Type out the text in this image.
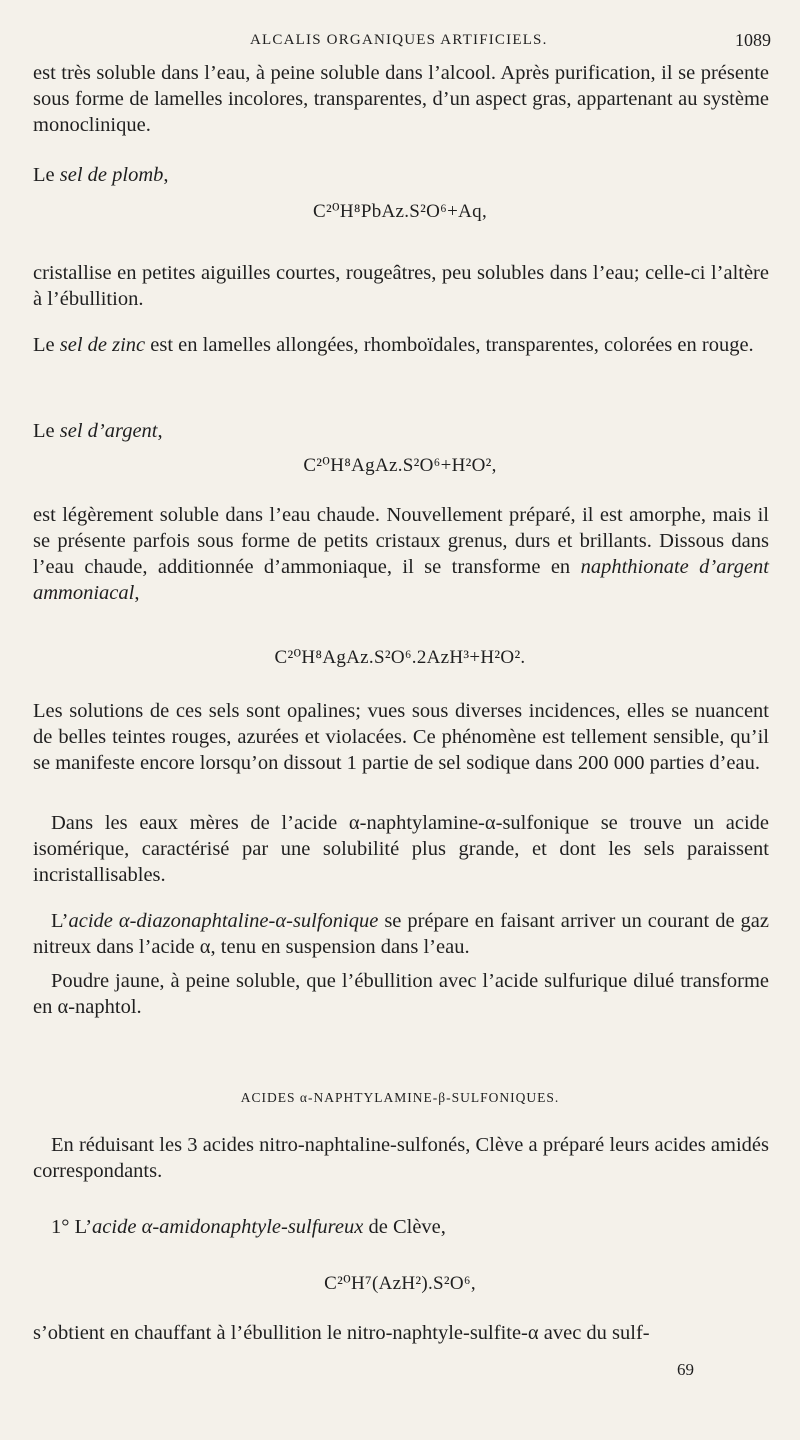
ALCALIS ORGANIQUES ARTIFICIELS.	1089

est très soluble dans l’eau, à peine soluble dans l’alcool. Après purification, il se présente sous forme de lamelles incolores, transparentes, d’un aspect gras, appartenant au système monoclinique.

Le sel de plomb,

C²⁰H⁸PbAz.S²O⁶+Aq,

cristallise en petites aiguilles courtes, rougeâtres, peu solubles dans l’eau; celle-ci l’altère à l’ébullition.

Le sel de zinc est en lamelles allongées, rhomboïdales, transparentes, colorées en rouge.

Le sel d’argent,

C²⁰H⁸AgAz.S²O⁶+H²O²,

est légèrement soluble dans l’eau chaude. Nouvellement préparé, il est amorphe, mais il se présente parfois sous forme de petits cristaux grenus, durs et brillants. Dissous dans l’eau chaude, additionnée d’ammoniaque, il se transforme en naphthionate d’argent ammoniacal,

C²⁰H⁸AgAz.S²O⁶.2AzH³+H²O².

Les solutions de ces sels sont opalines; vues sous diverses incidences, elles se nuancent de belles teintes rouges, azurées et violacées. Ce phénomène est tellement sensible, qu’il se manifeste encore lorsqu’on dissout 1 partie de sel sodique dans 200 000 parties d’eau.

Dans les eaux mères de l’acide α-naphtylamine-α-sulfonique se trouve un acide isomérique, caractérisé par une solubilité plus grande, et dont les sels paraissent incristallisables.

L’acide α-diazonaphtaline-α-sulfonique se prépare en faisant arriver un courant de gaz nitreux dans l’acide α, tenu en suspension dans l’eau.

Poudre jaune, à peine soluble, que l’ébullition avec l’acide sulfurique dilué transforme en α-naphtol.

ACIDES α-NAPHTYLAMINE-β-SULFONIQUES.

En réduisant les 3 acides nitro-naphtaline-sulfonés, Clève a préparé leurs acides amidés correspondants.

1° L’acide α-amidonaphtyle-sulfureux de Clève,

C²⁰H⁷(AzH²).S²O⁶,

s’obtient en chauffant à l’ébullition le nitro-naphtyle-sulfite-α avec du sulf-

69
